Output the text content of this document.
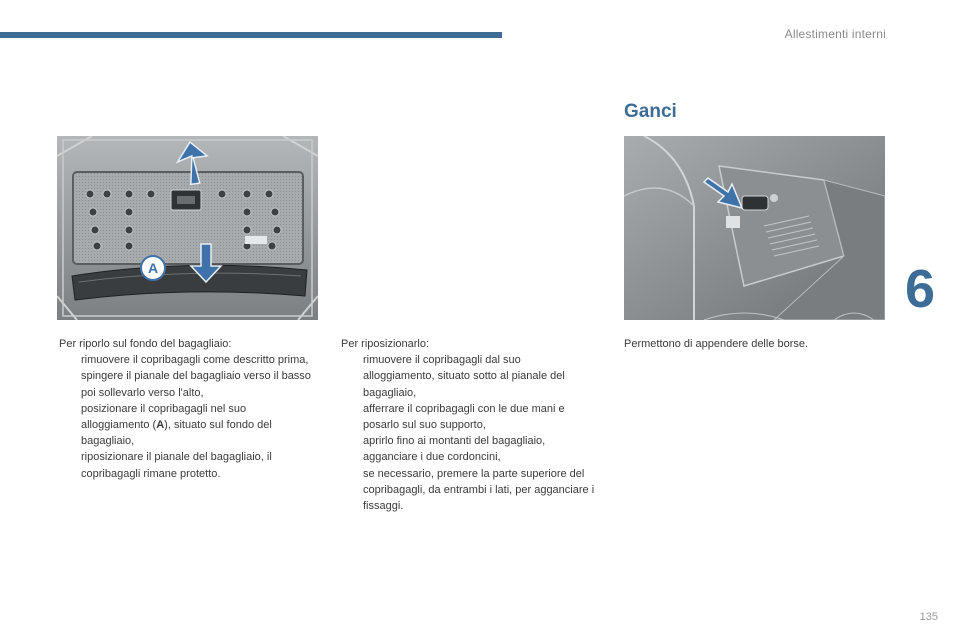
Allestimenti interni
6
Ganci
A
Per riporlo sul fondo del bagagliaio:
rimuovere il copribagagli come descritto prima,
spingere il pianale del bagagliaio verso il basso poi sollevarlo verso l'alto,
posizionare il copribagagli nel suo alloggiamento (A), situato sul fondo del bagagliaio,
riposizionare il pianale del bagagliaio, il copribagagli rimane protetto.
Per riposizionarlo:
rimuovere il copribagagli dal suo alloggiamento, situato sotto al pianale del bagagliaio,
afferrare il copribagagli con le due mani e posarlo sul suo supporto,
aprirlo fino ai montanti del bagagliaio,
agganciare i due cordoncini,
se necessario, premere la parte superiore del copribagagli, da entrambi i lati, per agganciare i fissaggi.
Permettono di appendere delle borse.
135
